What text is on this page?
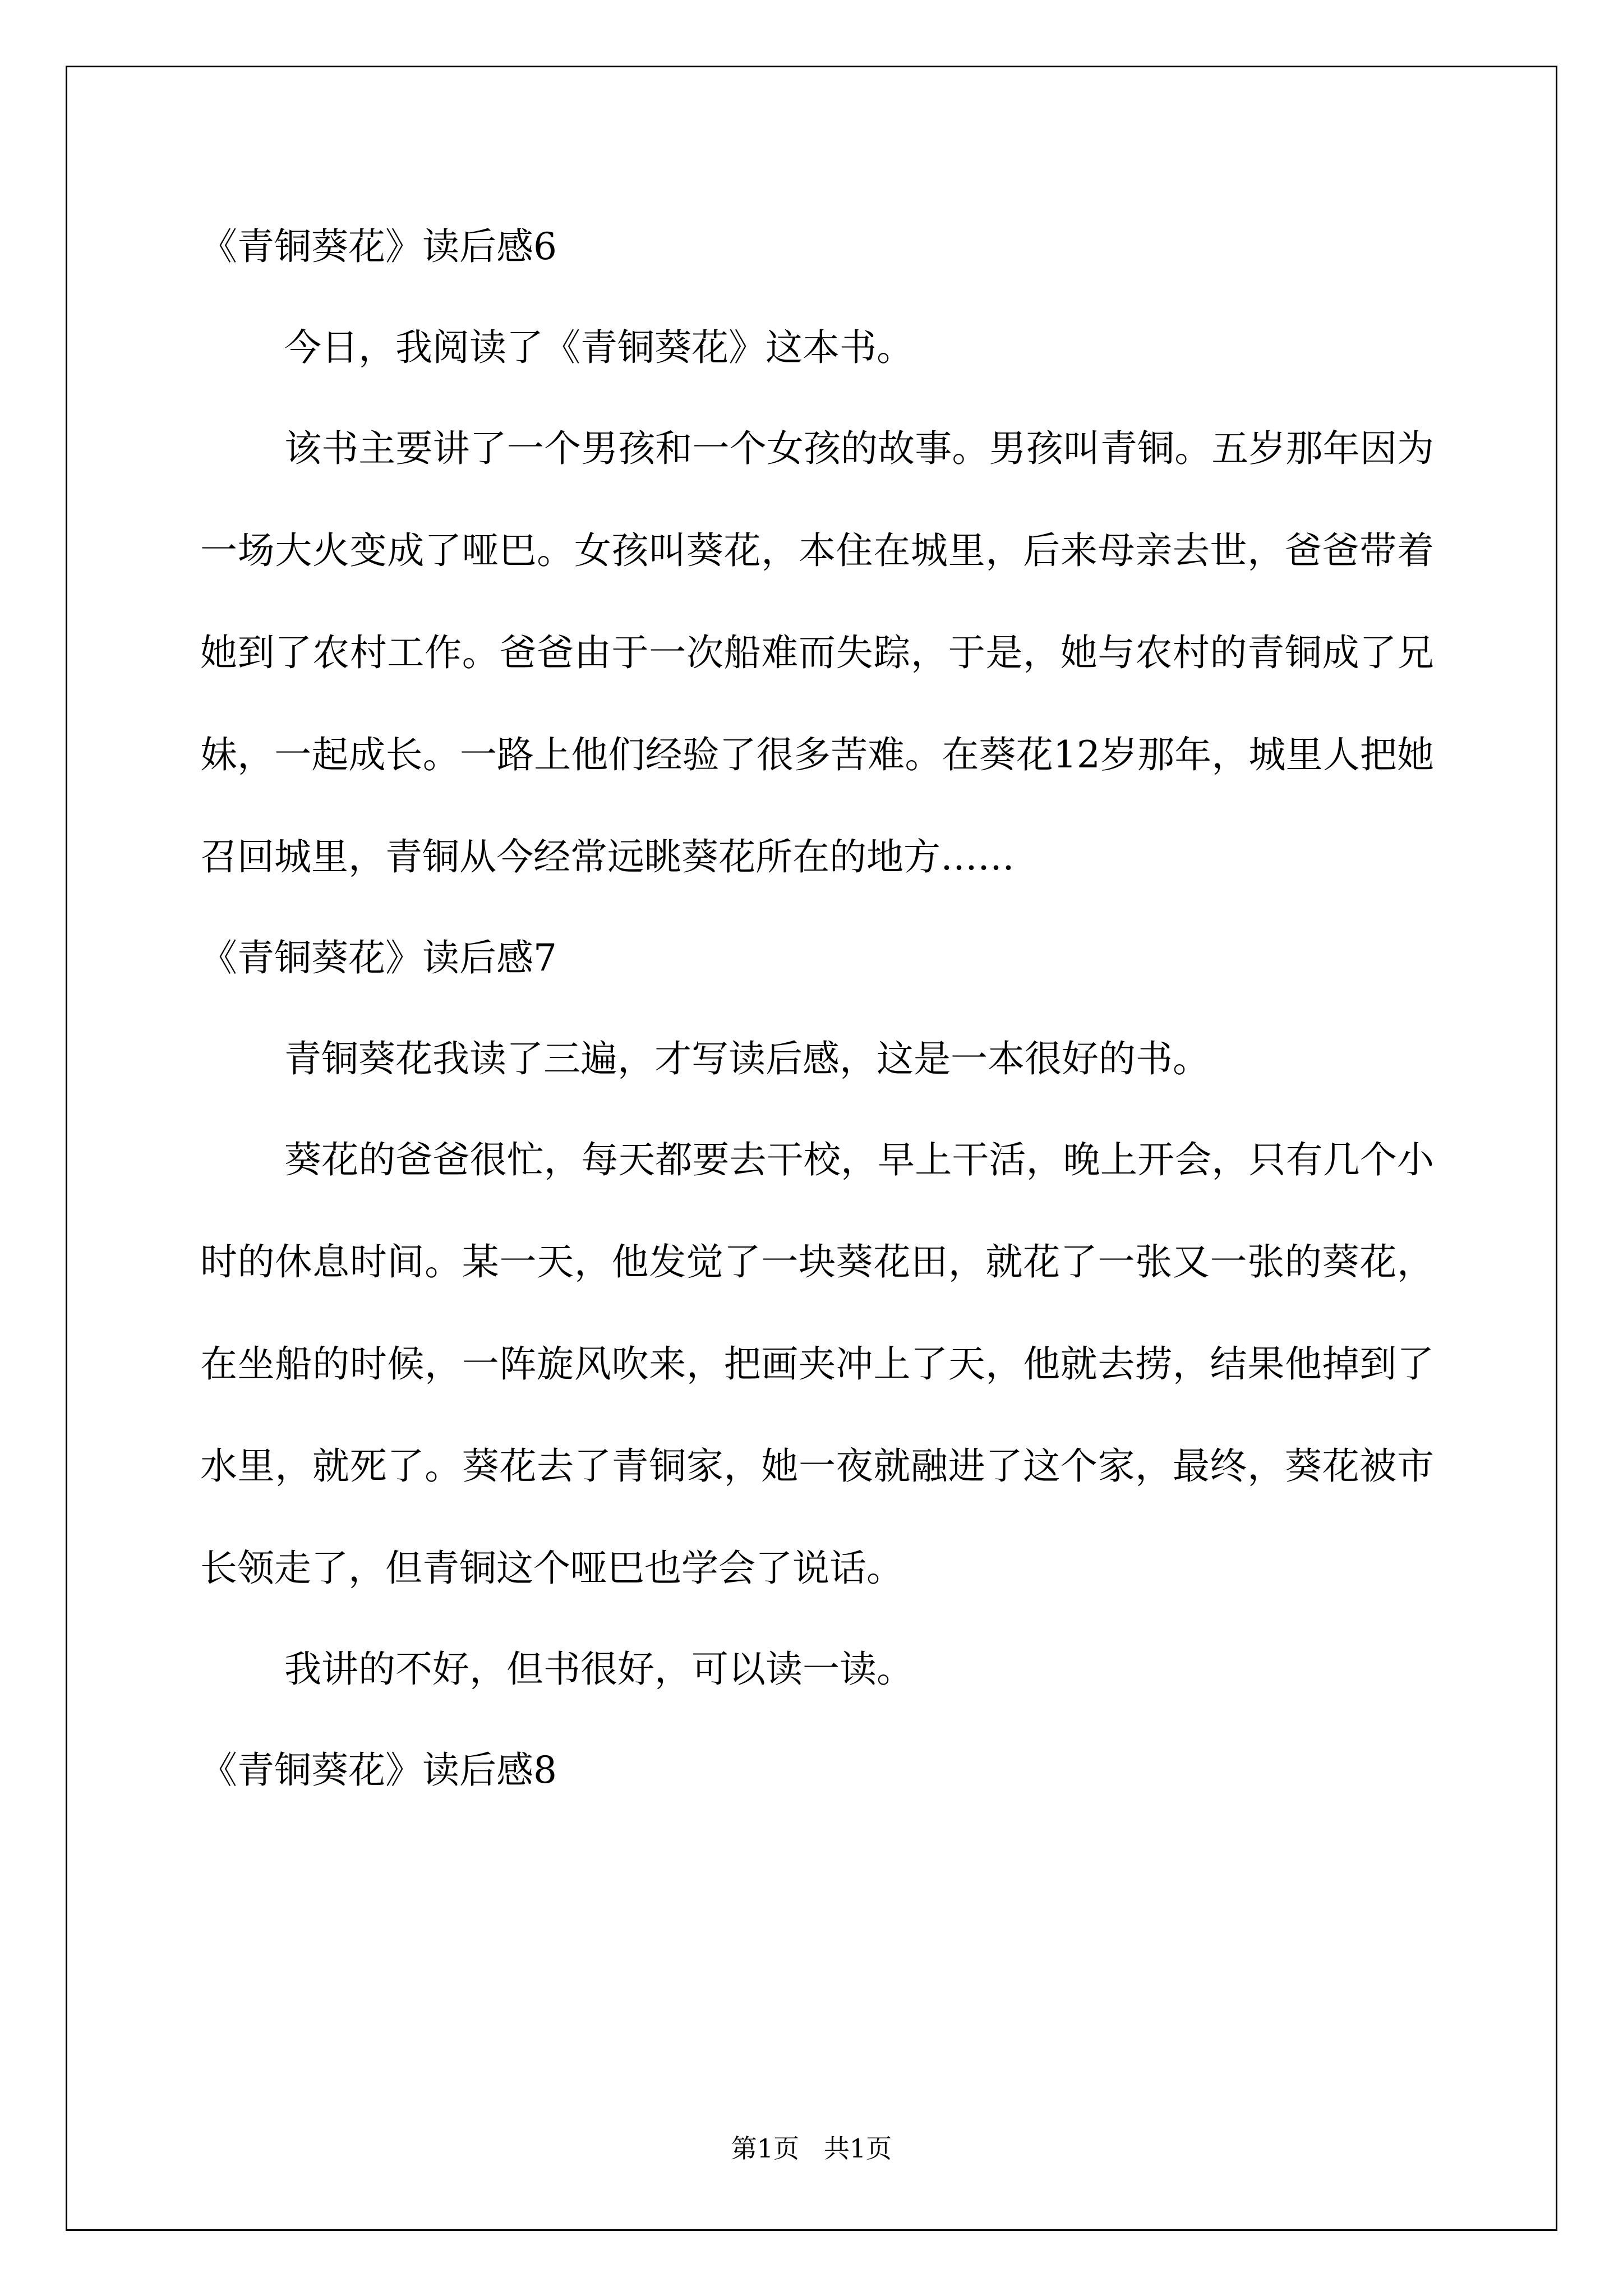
《青铜葵花》读后感6

今日，我阅读了《青铜葵花》这本书。

该书主要讲了一个男孩和一个女孩的故事。男孩叫青铜。五岁那年因为一场大火变成了哑巴。女孩叫葵花，本住在城里，后来母亲去世，爸爸带着她到了农村工作。爸爸由于一次船难而失踪，于是，她与农村的青铜成了兄妹，一起成长。一路上他们经验了很多苦难。在葵花12岁那年，城里人把她召回城里，青铜从今经常远眺葵花所在的地方……

《青铜葵花》读后感7

青铜葵花我读了三遍，才写读后感，这是一本很好的书。

葵花的爸爸很忙，每天都要去干校，早上干活，晚上开会，只有几个小时的休息时间。某一天，他发觉了一块葵花田，就花了一张又一张的葵花，在坐船的时候，一阵旋风吹来，把画夹冲上了天，他就去捞，结果他掉到了水里，就死了。葵花去了青铜家，她一夜就融进了这个家，最终，葵花被市长领走了，但青铜这个哑巴也学会了说话。

我讲的不好，但书很好，可以读一读。

《青铜葵花》读后感8
第1页   共1页
